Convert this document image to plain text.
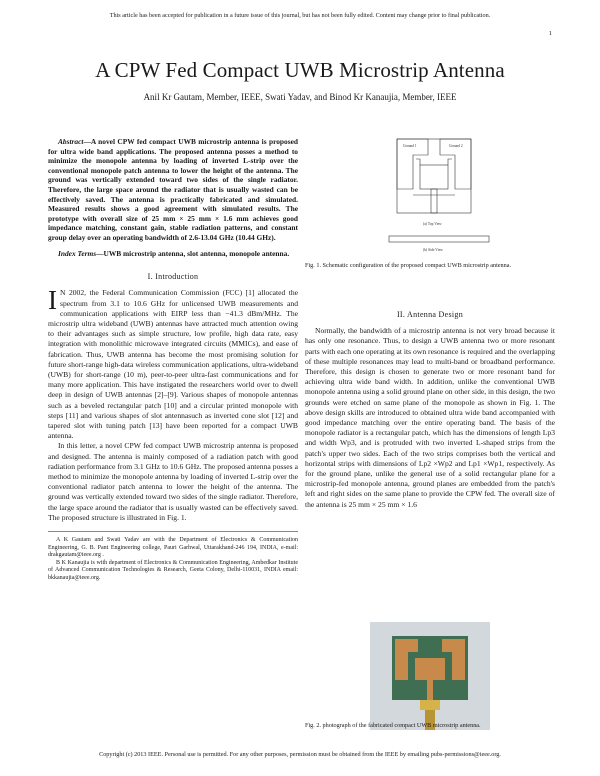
This article has been accepted for publication in a future issue of this journal, but has not been fully edited. Content may change prior to final publication.
1
A CPW Fed Compact UWB Microstrip Antenna
Anil Kr Gautam, Member, IEEE, Swati Yadav, and Binod Kr Kanaujia, Member, IEEE
Abstract—A novel CPW fed compact UWB microstrip antenna is proposed for ultra wide band applications. The proposed antenna posses a method to minimize the monopole antenna by loading of inverted L-strip over the conventional monopole patch antenna to lower the height of the antenna. The ground was vertically extended toward two sides of the single radiator. Therefore, the large space around the radiator that is usually wasted can be effectively saved. The antenna is practically fabricated and simulated. Measured results shows a good agreement with simulated results. The prototype with overall size of 25 mm × 25 mm × 1.6 mm achieves good impedance matching, constant gain, stable radiation patterns, and constant group delay over an operating bandwidth of 2.6-13.04 GHz (10.44 GHz).
Index Terms—UWB microstrip antenna, slot antenna, monopole antenna.
I. Introduction

I N 2002, the Federal Communication Commission (FCC) [1] allocated the spectrum from 3.1 to 10.6 GHz for unlicensed UWB measurements and communication applications with EIRP less than −41.3 dBm/MHz. The microstrip ultra wideband (UWB) antennas have attracted much attention owing to their advantages such as simple structure, low profile, high data rate, easy integration with monolithic microwave integrated circuits (MMICs), and ease of fabrication. Thus, UWB antenna has become the most promising solution for future short-range high-data wireless communication applications, ultra-wideband (UWB) for short-range (10 m), peer-to-peer ultra-fast communications and for many more application. This have instigated the researchers world over to dwell deep in design of UWB antennas [2]–[9]. Various shapes of monopole antennas such as a beveled rectangular patch [10] and a circular printed monopole with steps [11] and various shapes of slot antennasuch as inverted cone slot [12] and tapered slot with tuning patch [13] have been reported for a compact UWB antenna.

In this letter, a novel CPW fed compact UWB microstrip antenna is proposed and designed. The antenna is mainly composed of a radiation patch with good radiation performance from 3.1 GHz to 10.6 GHz. The proposed antenna posses a method to minimize the monopole antenna by loading of inverted L-strip over the conventional radiator patch antenna to lower the height of the antenna. The ground was vertically extended toward two sides of the single radiator. Therefore, the large space around the radiator that is usually wasted can be effectively saved. The proposed structure is illustrated in Fig. 1.

A K Gautam and Swati Yadav are with the Department of Electronics & Communication Engineering, G. B. Pant Engineering college, Pauri Garhwal, Uttarakhand-246 194, INDIA, e-mail: drakgautam@ieee.org .
B K Kanaujia is with department of Electronics & Communication Engineering, Ambedkar Institute of Advanced Communication Technologies & Research, Geeta Colony, Delhi-110031, INDIA email: bkkanaujia@ieee.org.
Ground 1	Ground 2
(a) Top View
(b) Side View
Fig. 1. Schematic configuration of the proposed compact UWB microstrip antenna.
II. Antenna Design

Normally, the bandwidth of a microstrip antenna is not very broad because it has only one resonance. Thus, to design a UWB antenna two or more resonant parts with each one operating at its own resonance is required and the overlapping of these multiple resonances may lead to multi-band or broadband performance. Therefore, this design is chosen to generate two or more resonant band for achieving ultra wide band width. In addition, unlike the conventional UWB monopole antenna using a solid ground plane on other side, in this design, the two grounds were etched on same plane of the monopole as shown in Fig. 1. The above design skills are introduced to obtained ultra wide band accompanied with good impedance matching over the entire operating band. The basis of the monopole radiator is a rectangular patch, which has the dimensions of length Lp3 and width Wp3, and is protruded with two inverted L-shaped strips from the patch's upper two sides. Each of the two strips comprises both the vertical and horizontal strips with dimensions of Lp2 ×Wp2 and Lp1 ×Wp1, respectively. As for the ground plane, unlike the general use of a solid rectangular plane for a microstrip-fed monopole antenna, ground planes are embedded from the patch's left and right sides on the same plane to provide the CPW fed. The overall size of the antenna is 25 mm × 25 mm × 1.6

Fig. 2. photograph of the fabricated compact UWB microstrip antenna.
Copyright (c) 2013 IEEE. Personal use is permitted. For any other purposes, permission must be obtained from the IEEE by emailing pubs-permissions@ieee.org.
